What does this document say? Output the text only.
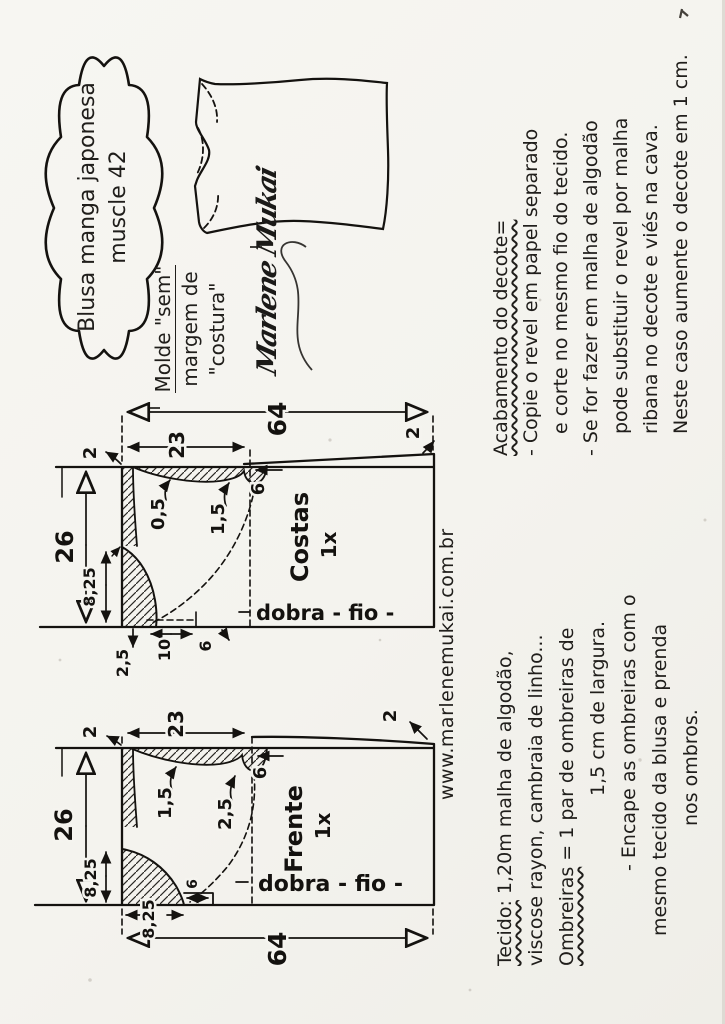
64
23
26
2
2
0,5 1,5
6
8,25
2,5 10 6
Costas 1x
dobra - fio -
64
23
26
2
2
1,5 2,5
6
8,25
8,25
6
Frente 1x
dobra - fio -
Blusa manga japonesa muscle 42
Molde "sem" margem de "costura" Marlene Mukai
www.marlenemukai.com.br
Acabamento do decote= - Copie o revel em papel separado e corte no mesmo fio do tecido. - Se for fazer em malha de algodão pode substituir o revel por malha ribana no decote e viés na cava. Neste caso aumente o decote em 1 cm.
Tecido: 1,20m malha de algodão, viscose rayon, cambraia de linho... Ombreiras = 1 par de ombreiras de 1,5 cm de largura. - Encape as ombreiras com o mesmo tecido da blusa e prenda nos ombros.
